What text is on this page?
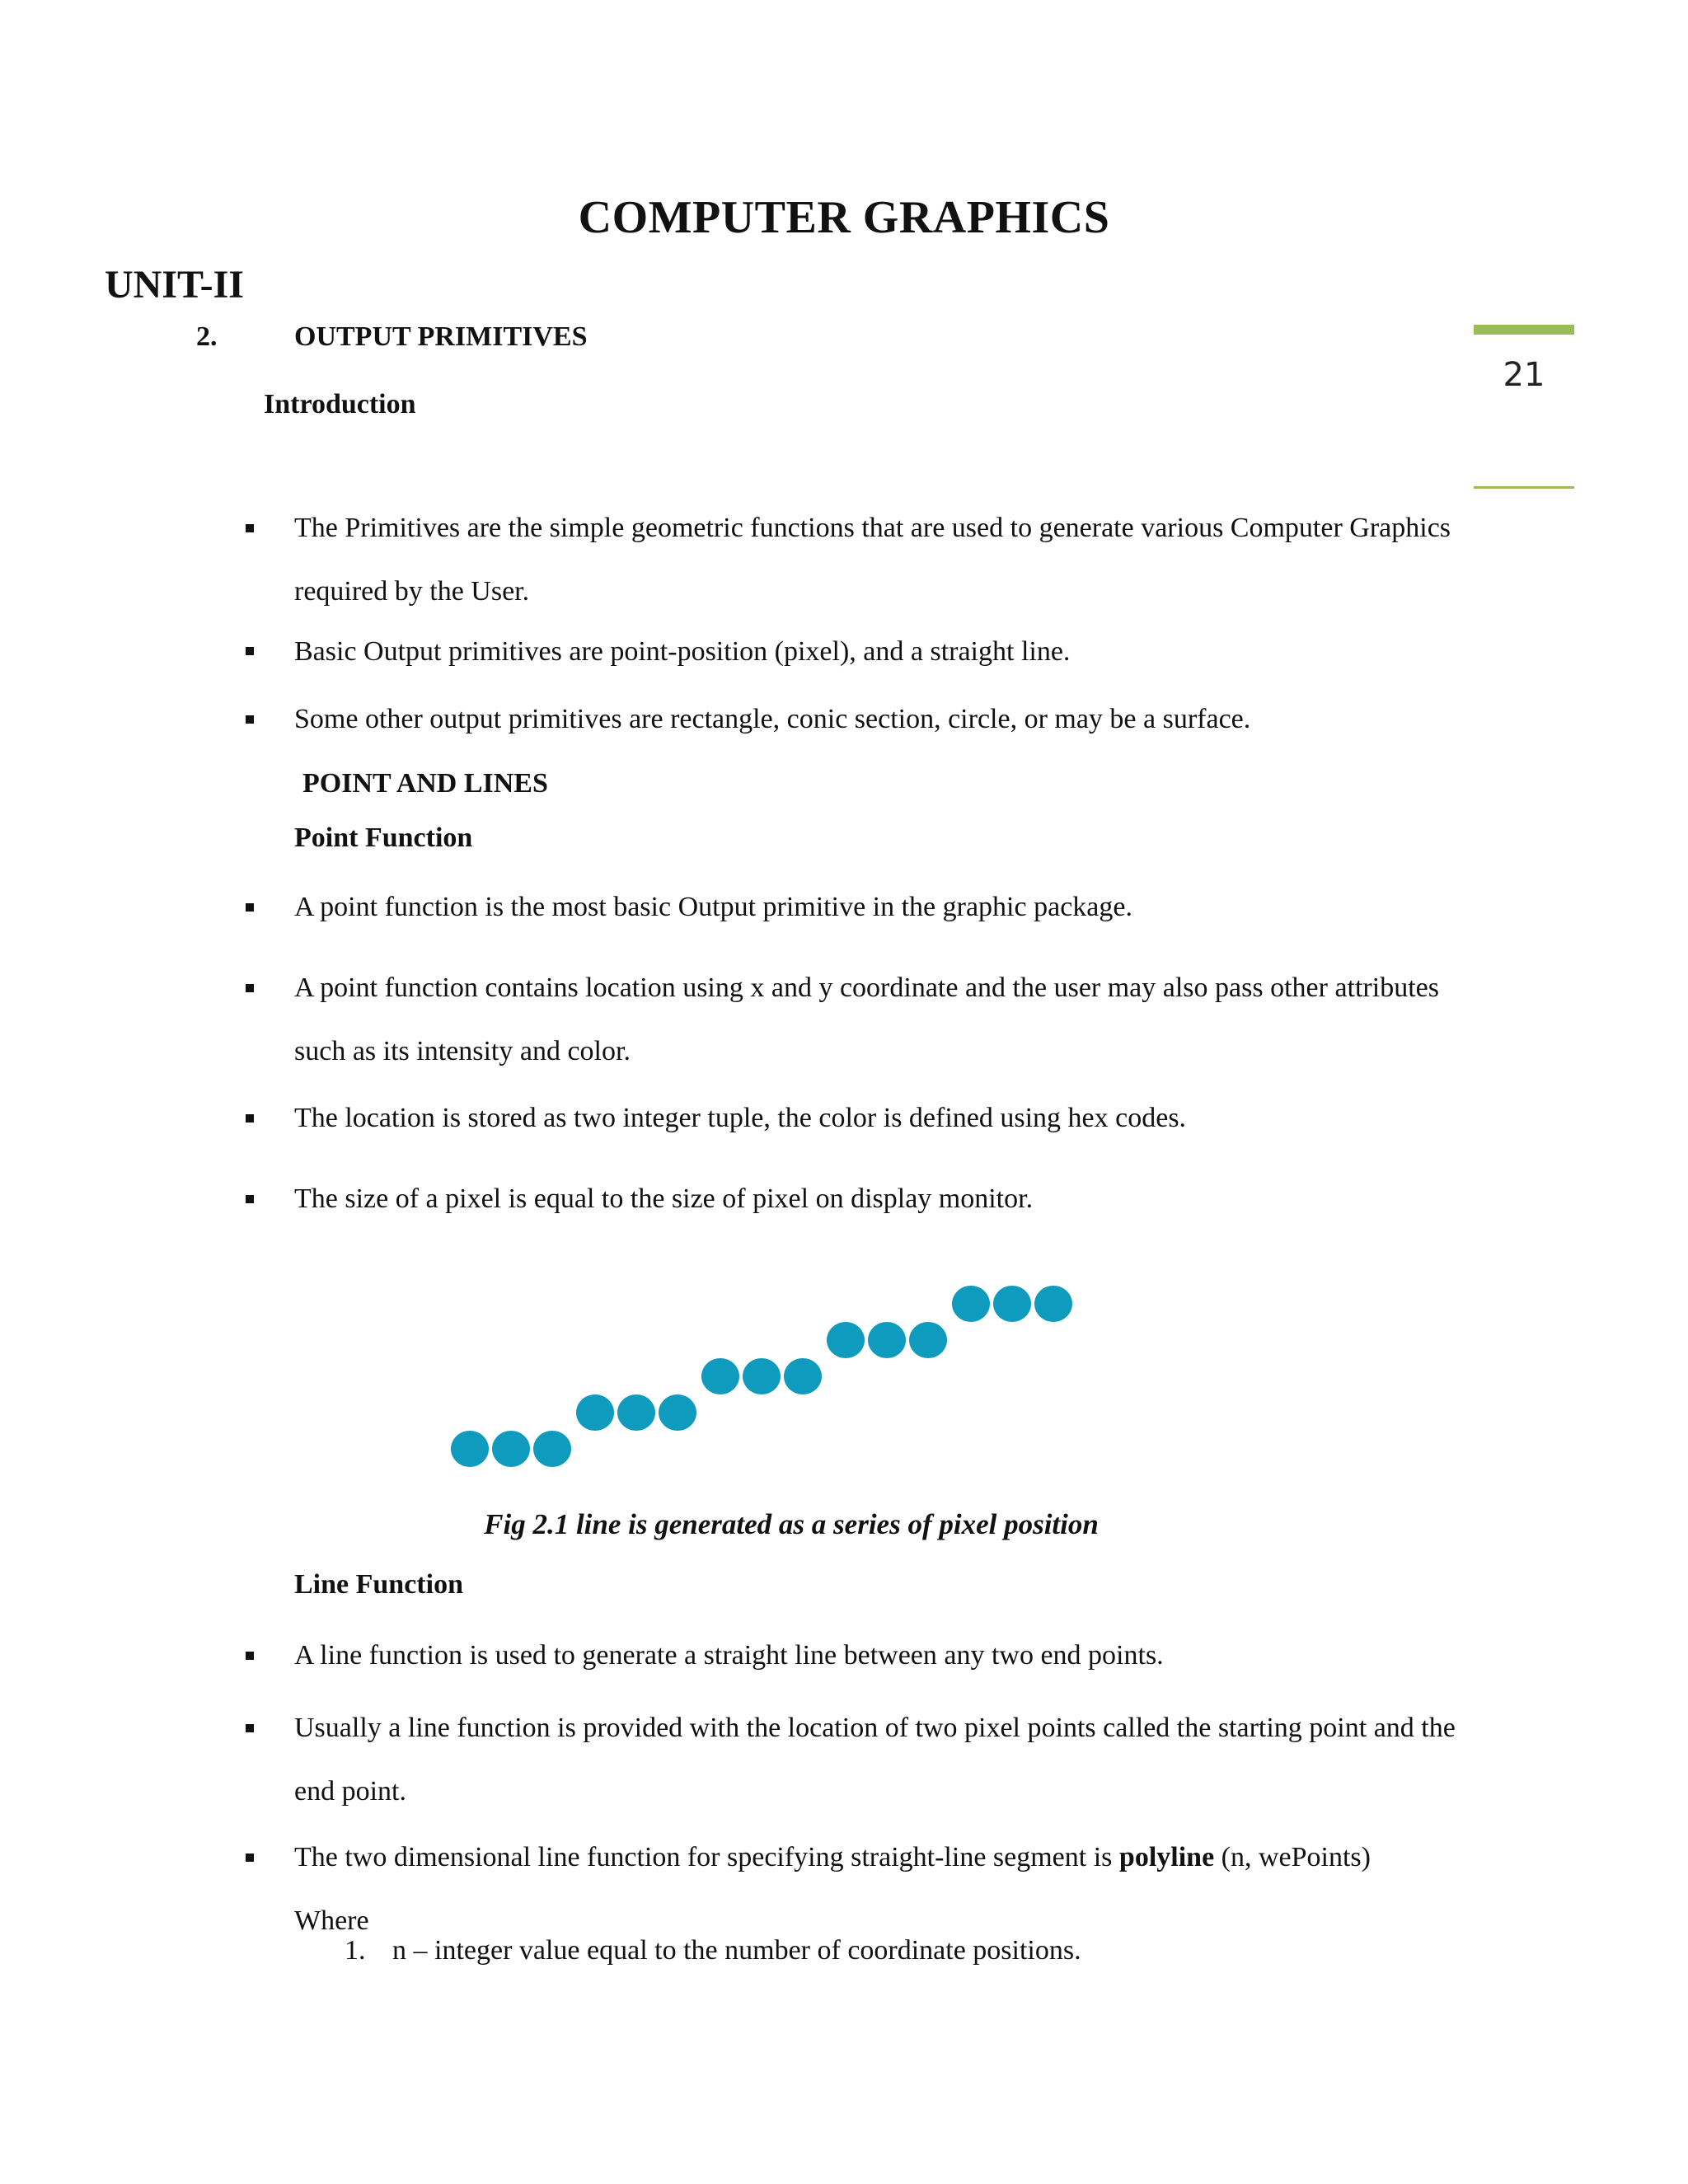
COMPUTER GRAPHICS
UNIT-II
2.	OUTPUT PRIMITIVES
21
Introduction
The Primitives are the simple geometric functions that are used to generate various Computer Graphics required by the User.
Basic Output primitives are point-position (pixel), and a straight line.
Some other output primitives are rectangle, conic section, circle, or may be a surface.
POINT AND LINES
Point Function
A point function is the most basic Output primitive in the graphic package.
A point function contains location using x and y coordinate and the user may also pass other attributes such as its intensity and color.
The location is stored as two integer tuple, the color is defined using hex codes.
The size of a pixel is equal to the size of pixel on display monitor.
Fig 2.1 line is generated as a series of pixel position
Line Function
A line function is used to generate a straight line between any two end points.
Usually a line function is provided with the location of two pixel points called the starting point and the end point.
The two dimensional line function for specifying straight-line segment is polyline (n, wePoints)
Where
1. n – integer value equal to the number of coordinate positions.
